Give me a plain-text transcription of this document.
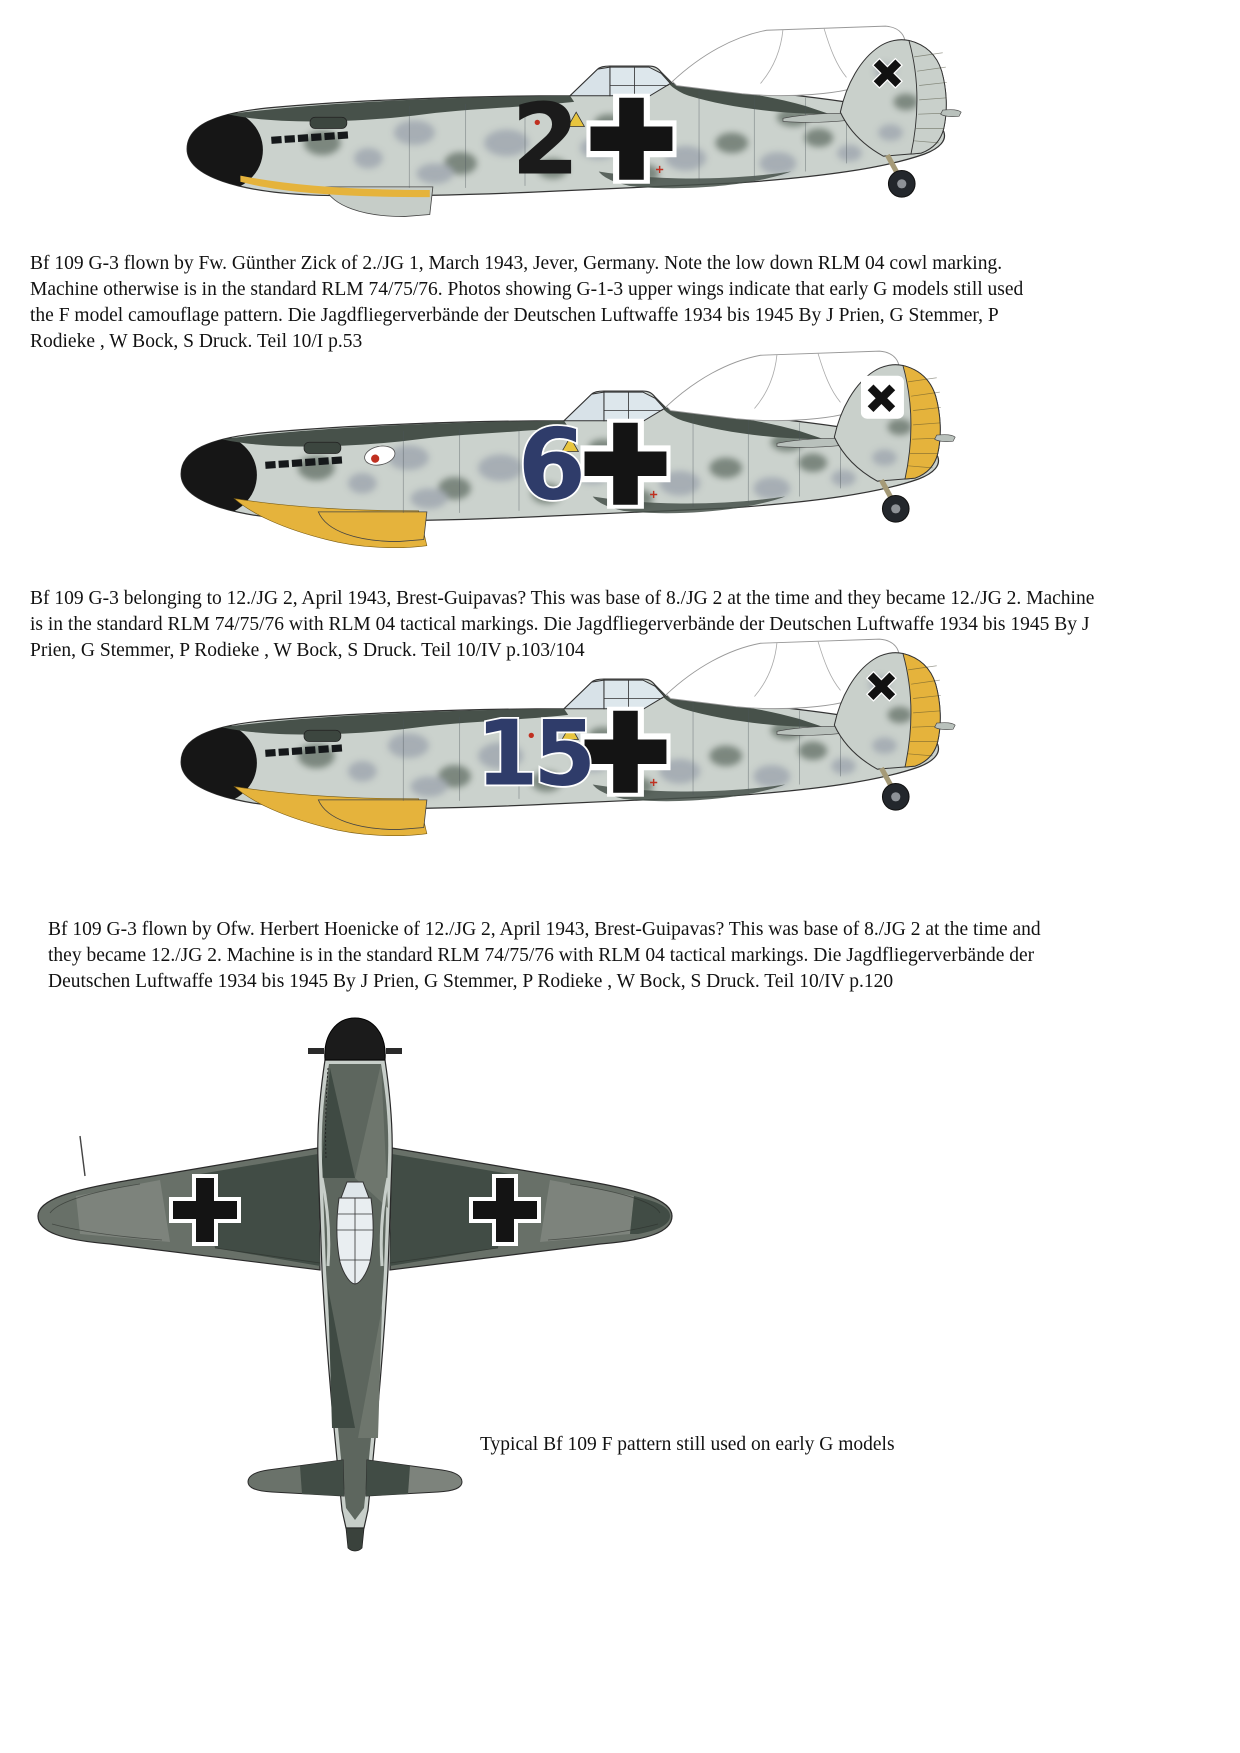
2

Bf 109 G-3 flown by Fw. Günther Zick of 2./JG 1, March 1943, Jever, Germany. Note the low down RLM 04 cowl marking. Machine otherwise is in the standard RLM 74/75/76. Photos showing G-1-3 upper wings indicate that early G models still used the F model camouflage pattern. Die Jagdfliegerverbände der Deutschen Luftwaffe 1934 bis 1945 By J Prien, G Stemmer, P Rodieke , W Bock, S Druck. Teil 10/I p.53

6

Bf 109 G-3 belonging to 12./JG 2, April 1943, Brest-Guipavas? This was base of 8./JG 2 at the time and they became 12./JG 2. Machine is in the standard RLM 74/75/76 with RLM 04 tactical markings. Die Jagdfliegerverbände der Deutschen Luftwaffe 1934 bis 1945 By J Prien, G Stemmer, P Rodieke , W Bock, S Druck. Teil 10/IV p.103/104

15

Bf 109 G-3 flown by Ofw. Herbert Hoenicke of 12./JG 2, April 1943, Brest-Guipavas? This was base of 8./JG 2 at the time and they became 12./JG 2. Machine is in the standard RLM 74/75/76 with RLM 04 tactical markings. Die Jagdfliegerverbände der Deutschen Luftwaffe 1934 bis 1945 By J Prien, G Stemmer, P Rodieke , W Bock, S Druck. Teil 10/IV p.120

Typical Bf 109 F pattern still used on early G models
